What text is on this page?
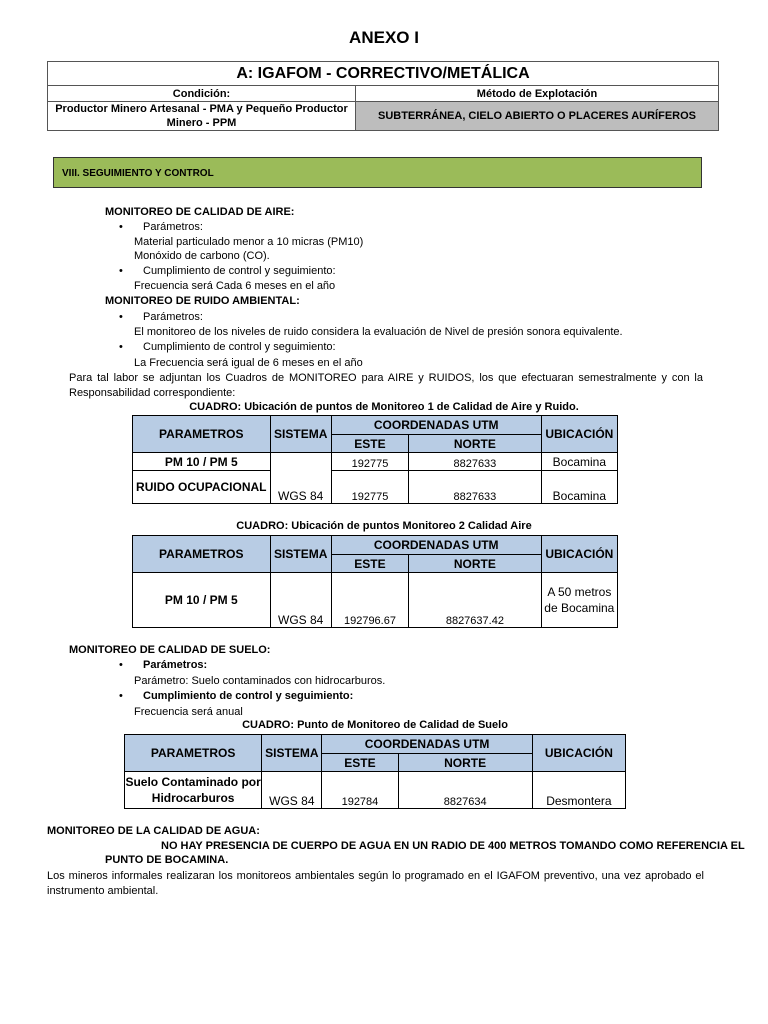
ANEXO I
A: IGAFOM - CORRECTIVO/METÁLICA	
Condición:	Método de Explotación
Productor Minero Artesanal - PMA y Pequeño Productor Minero - PPM	SUBTERRÁNEA, CIELO ABIERTO O PLACERES AURÍFEROS
VIII. SEGUIMIENTO Y CONTROL
MONITOREO DE CALIDAD DE AIRE:
• Parámetros:
Material particulado menor a 10 micras (PM10)
Monóxido de carbono (CO).
• Cumplimiento de control y seguimiento:
Frecuencia será Cada 6 meses en el año
MONITOREO DE RUIDO AMBIENTAL:
• Parámetros:
El monitoreo de los niveles de ruido considera la evaluación de Nivel de presión sonora equivalente.
• Cumplimiento de control y seguimiento:
La Frecuencia será igual de 6 meses en el año
Para tal labor se adjuntan los Cuadros de MONITOREO para AIRE y RUIDOS, los que efectuaran semestralmente y con la Responsabilidad correspondiente:
CUADRO: Ubicación de puntos de Monitoreo 1 de Calidad de Aire y Ruido.
PARAMETROS	SISTEMA	COORDENADAS UTM		UBICACIÓN
		ESTE	NORTE	
PM 10 / PM 5	WGS 84	192775	8827633	Bocamina
RUIDO OCUPACIONAL		192775	8827633	Bocamina
CUADRO: Ubicación de puntos Monitoreo 2 Calidad Aire
PARAMETROS	SISTEMA	COORDENADAS UTM		UBICACIÓN
		ESTE	NORTE	
PM 10 / PM 5	WGS 84	192796.67	8827637.42	A 50 metros de Bocamina
MONITOREO DE CALIDAD DE SUELO:
• Parámetros:
Parámetro: Suelo contaminados con hidrocarburos.
• Cumplimiento de control y seguimiento:
Frecuencia será anual
CUADRO: Punto de Monitoreo de Calidad de Suelo
PARAMETROS	SISTEMA	COORDENADAS UTM		UBICACIÓN
		ESTE	NORTE	
Suelo Contaminado por Hidrocarburos	WGS 84	192784	8827634	Desmontera
MONITOREO DE LA CALIDAD DE AGUA:
NO HAY PRESENCIA DE CUERPO DE AGUA EN UN RADIO DE 400 METROS TOMANDO COMO REFERENCIA EL
PUNTO DE BOCAMINA.
Los mineros informales realizaran los monitoreos ambientales según lo programado en el IGAFOM preventivo, una vez aprobado el instrumento ambiental.
